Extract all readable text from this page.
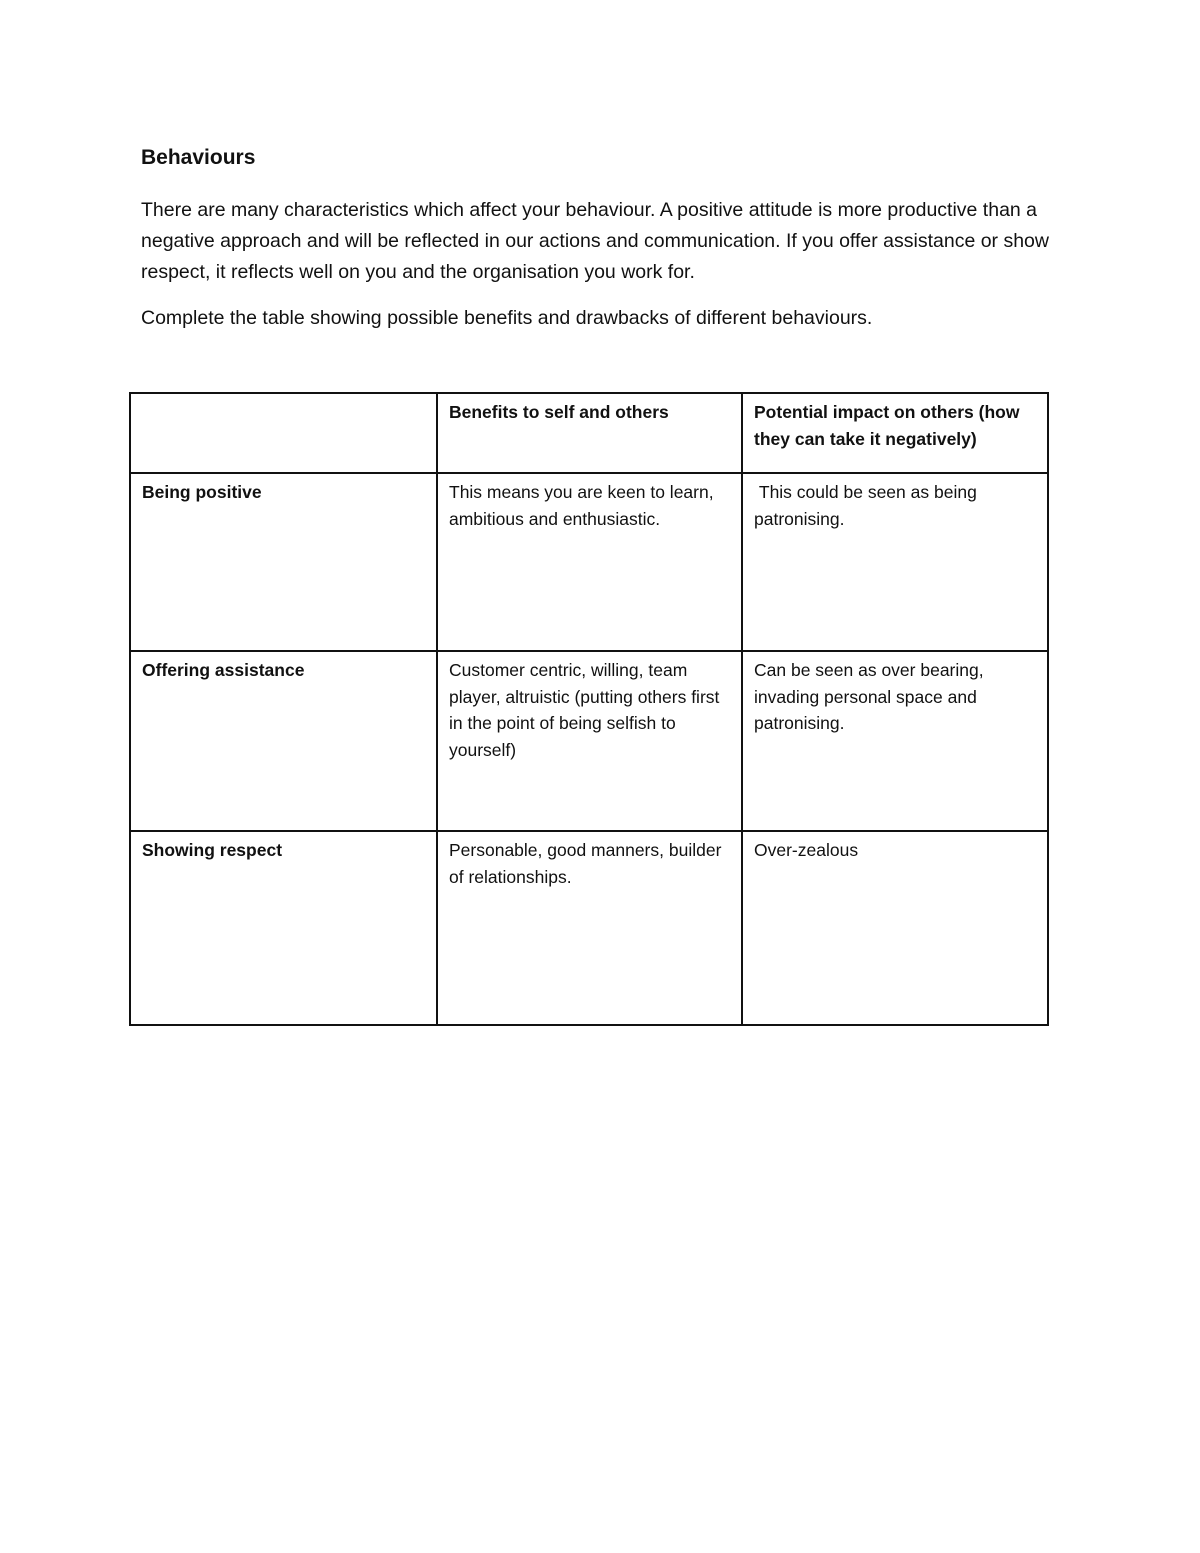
Behaviours

There are many characteristics which affect your behaviour. A positive attitude is more productive than a negative approach and will be reflected in our actions and communication. If you offer assistance or show respect, it reflects well on you and the organisation you work for.

Complete the table showing possible benefits and drawbacks of different behaviours.

	Benefits to self and others	Potential impact on others (how they can take it negatively)
Being positive	This means you are keen to learn, ambitious and enthusiastic.	This could be seen as being patronising.
Offering assistance	Customer centric, willing, team player, altruistic (putting others first in the point of being selfish to yourself)	Can be seen as over bearing, invading personal space and patronising.
Showing respect	Personable, good manners, builder of relationships.	Over-zealous
